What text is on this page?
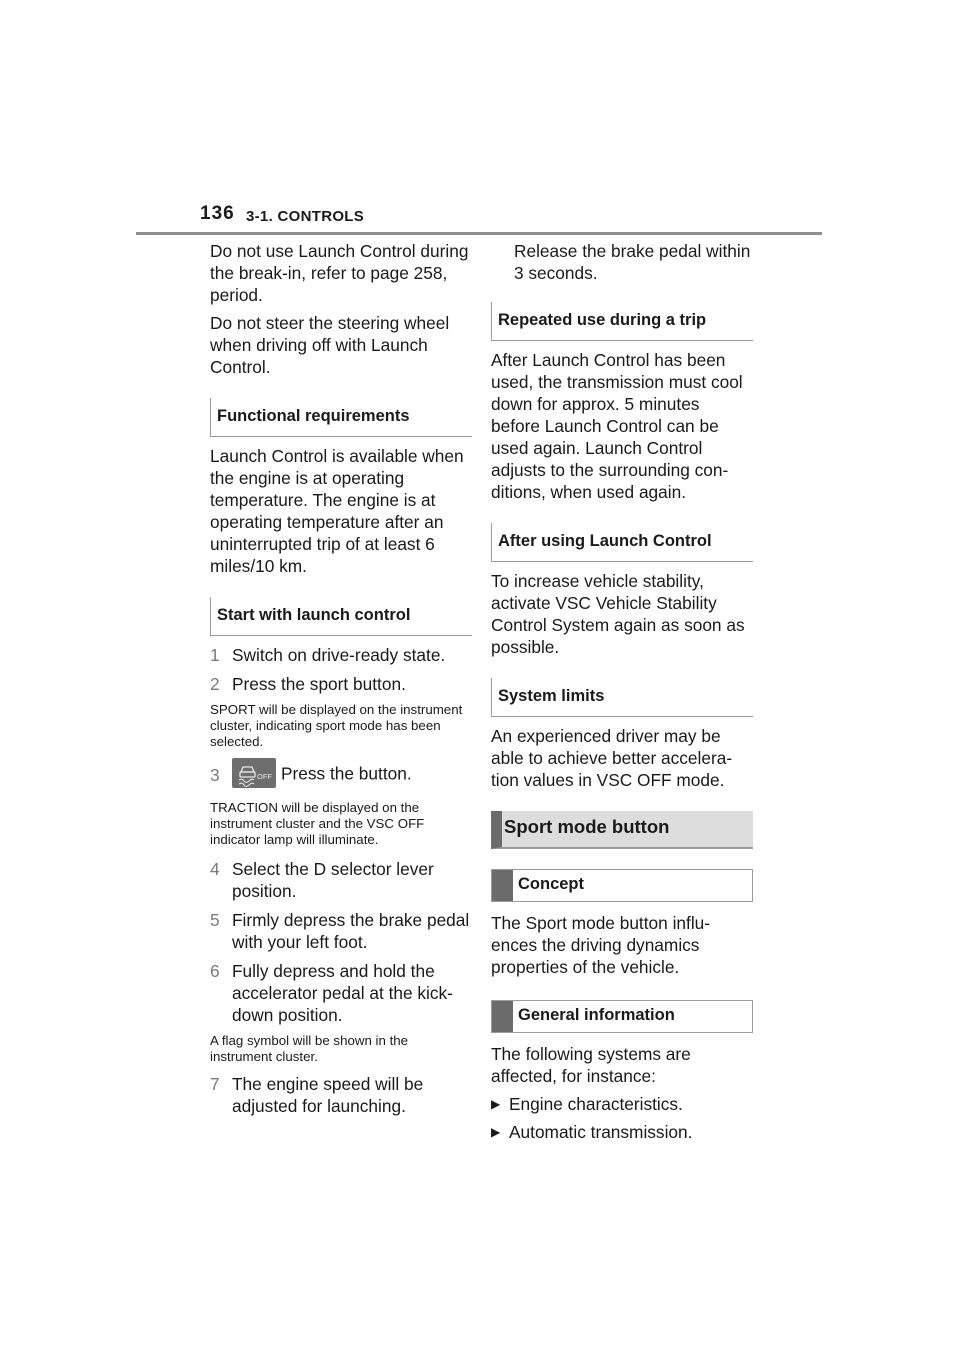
136 3-1. CONTROLS

Do not use Launch Control during the break-in, refer to page 258, period.

Do not steer the steering wheel when driving off with Launch Control.

Functional requirements

Launch Control is available when the engine is at operating temperature. The engine is at operating temperature after an uninterrupted trip of at least 6 miles/10 km.

Start with launch control
1 Switch on drive-ready state.
2 Press the sport button.

SPORT will be displayed on the instrument cluster, indicating sport mode has been selected.

3	OFF Press the button.

TRACTION will be displayed on the instrument cluster and the VSC OFF indicator lamp will illuminate.

4 Select the D selector lever position.
5 Firmly depress the brake pedal with your left foot.
6 Fully depress and hold the accelerator pedal at the kick-down position.

A flag symbol will be shown in the instrument cluster.

7 The engine speed will be adjusted for launching.

Release the brake pedal within 3 seconds.

Repeated use during a trip

After Launch Control has been used, the transmission must cool down for approx. 5 minutes before Launch Control can be used again. Launch Control adjusts to the surrounding con-ditions, when used again.

After using Launch Control

To increase vehicle stability, activate VSC Vehicle Stability Control System again as soon as possible.

System limits

An experienced driver may be able to achieve better accelera-tion values in VSC OFF mode.

Sport mode button
Concept

The Sport mode button influ-ences the driving dynamics properties of the vehicle.

General information

The following systems are affected, for instance:

▶ Engine characteristics.
▶ Automatic transmission.
